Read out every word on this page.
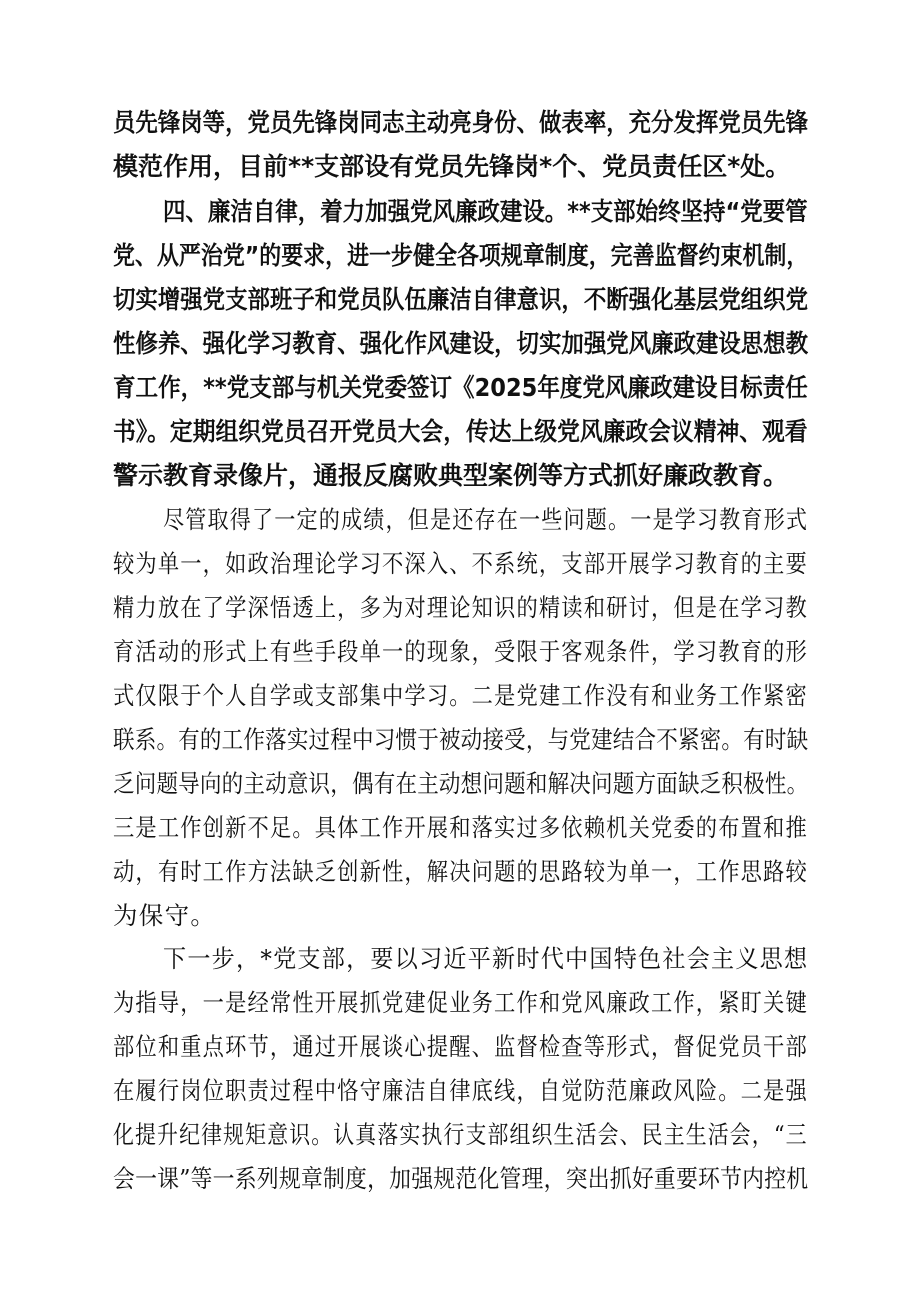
员先锋岗等，党员先锋岗同志主动亮身份、做表率，充分发挥党员先锋
模范作用，目前**支部设有党员先锋岗*个、党员责任区*处。
四、廉洁自律，着力加强党风廉政建设。**支部始终坚持“党要管
党、从严治党”的要求，进一步健全各项规章制度，完善监督约束机制，
切实增强党支部班子和党员队伍廉洁自律意识，不断强化基层党组织党
性修养、强化学习教育、强化作风建设，切实加强党风廉政建设思想教
育工作，**党支部与机关党委签订《2025年度党风廉政建设目标责任
书》。定期组织党员召开党员大会，传达上级党风廉政会议精神、观看
警示教育录像片，通报反腐败典型案例等方式抓好廉政教育。
尽管取得了一定的成绩，但是还存在一些问题。一是学习教育形式
较为单一，如政治理论学习不深入、不系统，支部开展学习教育的主要
精力放在了学深悟透上，多为对理论知识的精读和研讨，但是在学习教
育活动的形式上有些手段单一的现象，受限于客观条件，学习教育的形
式仅限于个人自学或支部集中学习。二是党建工作没有和业务工作紧密
联系。有的工作落实过程中习惯于被动接受，与党建结合不紧密。有时缺
乏问题导向的主动意识，偶有在主动想问题和解决问题方面缺乏积极性。
三是工作创新不足。具体工作开展和落实过多依赖机关党委的布置和推
动，有时工作方法缺乏创新性，解决问题的思路较为单一，工作思路较
为保守。
下一步，*党支部，要以习近平新时代中国特色社会主义思想
为指导，一是经常性开展抓党建促业务工作和党风廉政工作，紧盯关键
部位和重点环节，通过开展谈心提醒、监督检查等形式，督促党员干部
在履行岗位职责过程中恪守廉洁自律底线，自觉防范廉政风险。二是强
化提升纪律规矩意识。认真落实执行支部组织生活会、民主生活会，“三
会一课”等一系列规章制度，加强规范化管理，突出抓好重要环节内控机
